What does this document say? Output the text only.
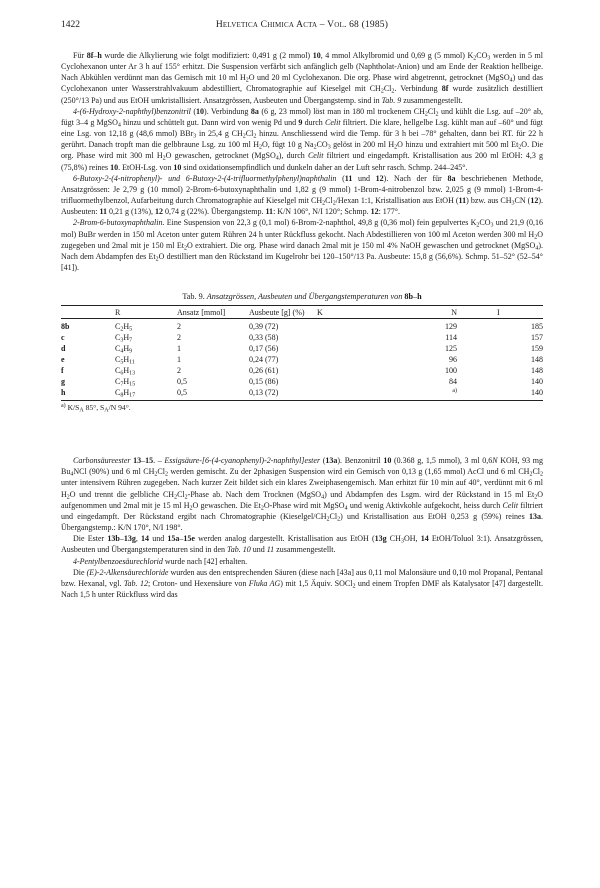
1422	Helvetica Chimica Acta – Vol. 68 (1985)

Für 8f–h wurde die Alkylierung wie folgt modifiziert: 0,491 g (2 mmol) 10, 4 mmol Alkylbromid und 0,69 g (5 mmol) $K_2CO_3$ werden in 5 ml Cyclohexanon unter Ar 3 h auf 155° erhitzt. Die Suspension verfärbt sich anfänglich gelb (Naphtholat-Anion) und am Ende der Reaktion hellbeige. Nach Abkühlen verdünnt man das Gemisch mit 10 ml $H_2O$ und 20 ml Cyclohexanon. Die org. Phase wird abgetrennt, getrocknet (MgSO$_4$) und das Cyclohexanon unter Wasserstrahlvakuum abdestilliert, Chromatographie auf Kieselgel mit $CH_2Cl_2$. Verbindung 8f wurde zusätzlich destilliert (250°/13 Pa) und aus EtOH umkristallisiert. Ansatzgrössen, Ausbeuten und Übergangstemp. sind in Tab. 9 zusammengestellt.

4-(6-Hydroxy-2-naphthyl)benzonitril (10). Verbindung 8a (6 g, 23 mmol) löst man in 180 ml trockenem $CH_2Cl_2$ und kühlt die Lsg. auf –20° ab, fügt 3–4 g MgSO$_4$ hinzu und schüttelt gut. Dann wird von wenig Pd und 9 durch Celit filtriert. Die klare, hellgelbe Lsg. kühlt man auf –60° und fügt eine Lsg. von 12,18 g (48,6 mmol) BBr$_3$ in 25,4 g $CH_2Cl_2$ hinzu. Anschliessend wird die Temp. für 3 h bei –78° gehalten, dann bei RT. für 22 h gerührt. Danach tropft man die gelbbraune Lsg. zu 100 ml $H_2O$, fügt 10 g $Na_2CO_3$ gelöst in 200 ml $H_2O$ hinzu und extrahiert mit 500 ml $Et_2O$. Die org. Phase wird mit 300 ml $H_2O$ gewaschen, getrocknet (MgSO$_4$), durch Celit filtriert und eingedampft. Kristallisation aus 200 ml EtOH: 4,3 g (75,8%) reines 10. EtOH-Lsg. von 10 sind oxidationsempfindlich und dunkeln daher an der Luft sehr rasch. Schmp. 244–245°.

6-Butoxy-2-(4-nitrophenyl)- und 6-Butoxy-2-(4-trifluormethylphenyl)naphthalin (11 und 12). Nach der für 8a beschriebenen Methode, Ansatzgrössen: Je 2,79 g (10 mmol) 2-Brom-6-butoxynaphthalin und 1,82 g (9 mmol) 1-Brom-4-nitrobenzol bzw. 2,025 g (9 mmol) 1-Brom-4-trifluormethylbenzol, Aufarbeitung durch Chromatographie auf Kieselgel mit $CH_2Cl_2$/Hexan 1:1, Kristallisation aus EtOH (11) bzw. aus $CH_3CN$ (12). Ausbeuten: 11 0,21 g (13%), 12 0,74 g (22%). Übergangstemp. 11: K/N 106°, N/I 120°; Schmp. 12: 177°.

2-Brom-6-butoxynaphthalin. Eine Suspension von 22,3 g (0,1 mol) 6-Brom-2-naphthol, 49,8 g (0,36 mol) fein gepulvertes $K_2CO_3$ und 21,9 (0,16 mol) BuBr werden in 150 ml Aceton unter gutem Rühren 24 h unter Rückfluss gekocht. Nach Abdestillieren von 100 ml Aceton werden 300 ml $H_2O$ zugegeben und 2mal mit je 150 ml $Et_2O$ extrahiert. Die org. Phase wird danach 2mal mit je 150 ml 4% NaOH gewaschen und getrocknet (MgSO$_4$). Nach dem Abdampfen des $Et_2O$ destilliert man den Rückstand im Kugelrohr bei 120–150°/13 Pa. Ausbeute: 15,8 g (56,6%). Schmp. 51–52° (52–54° [41]).

Tab. 9. Ansatzgrössen, Ausbeuten und Übergangstemperaturen von 8b–h
	R	Ansatz [mmol]	Ausbeute [g] (%)	K	N	I
8b	$C_2H_5$	2	0,39 (72)		129	185
c	$C_3H_7$	2	0,33 (58)		114	157
d	$C_4H_9$	1	0,17 (56)		125	159
e	$C_5H_{11}$	1	0,24 (77)		96	148
f	$C_6H_{13}$	2	0,26 (61)		100	148
g	$C_7H_{15}$	0,5	0,15 (86)		84	140
h	$C_8H_{17}$	0,5	0,13 (72)		$^{a)}$	140
$^{a)}$ $K/S_A$ 85°, $S_A/N$ 94°.

Carbonsäureester 13–15. – Essigsäure-[6-(4-cyanophenyl)-2-naphthyl]ester (13a). Benzonitril 10 (0.368 g, 1,5 mmol), 3 ml 0,6N KOH, 93 mg $Bu_4NCl$ (90%) und 6 ml $CH_2Cl_2$ werden gemischt. Zu der 2phasigen Suspension wird ein Gemisch von 0,13 g (1,65 mmol) AcCl und 6 ml $CH_2Cl_2$ unter intensivem Rühren zugegeben. Nach kurzer Zeit bildet sich ein klares Zweiphasengemisch. Man erhitzt für 10 min auf 40°, verdünnt mit 6 ml $H_2O$ und trennt die gelbliche $CH_2Cl_2$-Phase ab. Nach dem Trocknen (MgSO$_4$) und Abdampfen des Lsgm. wird der Rückstand in 15 ml $Et_2O$ aufgenommen und 2mal mit je 15 ml $H_2O$ gewaschen. Die $Et_2O$-Phase wird mit MgSO$_4$ und wenig Aktivkohle aufgekocht, heiss durch Celit filtriert und eingedampft. Der Rückstand ergibt nach Chromatographie $(Kieselgel/CH_2Cl_2)$ und Kristallisation aus EtOH 0,253 g (59%) reines 13a. Übergangstemp.: K/N 170°, N/I 198°.

Die Ester 13b–13g, 14 und 15a–15e werden analog dargestellt. Kristallisation aus EtOH (13g $CH_3OH$, 14 EtOH/Toluol 3:1). Ansatzgrössen, Ausbeuten und Übergangstemperaturen sind in den Tab. 10 und 11 zusammengestellt.

4-Pentylbenzoesäurechlorid wurde nach [42] erhalten.

Die (E)-2-Alkensäurechloride wurden aus den entsprechenden Säuren (diese nach [43a] aus 0,11 mol Malonsäure und 0,10 mol Propanal, Pentanal bzw. Hexanal, vgl. Tab. 12; Croton- und Hexensäure von Fluka AG) mit 1,5 Äquiv. SOCl$_2$ und einem Tropfen DMF als Katalysator [47] dargestellt. Nach 1,5 h unter Rückfluss wird das
